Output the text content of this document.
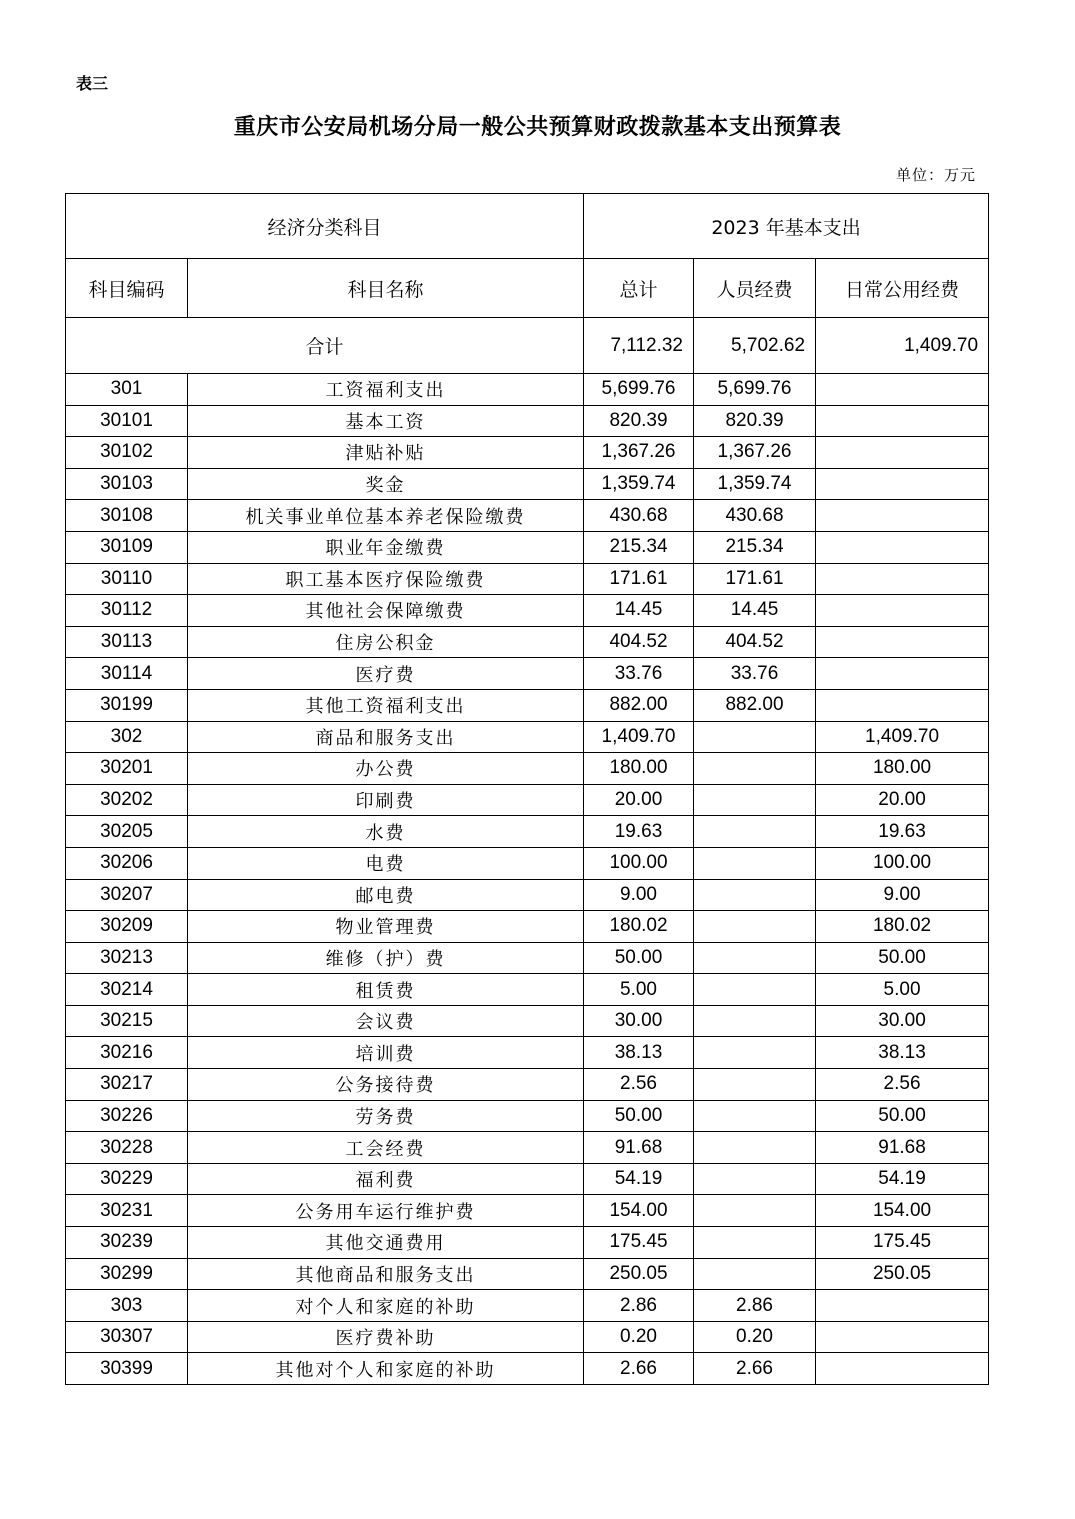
表三
重庆市公安局机场分局一般公共预算财政拨款基本支出预算表
单位：万元
经济分类科目		2023 年基本支出		
科目编码	科目名称	总计	人员经费	日常公用经费
合计		7,112.32	5,702.62	1,409.70
301	工资福利支出	5,699.76	5,699.76	
30101	基本工资	820.39	820.39	
30102	津贴补贴	1,367.26	1,367.26	
30103	奖金	1,359.74	1,359.74	
30108	机关事业单位基本养老保险缴费	430.68	430.68	
30109	职业年金缴费	215.34	215.34	
30110	职工基本医疗保险缴费	171.61	171.61	
30112	其他社会保障缴费	14.45	14.45	
30113	住房公积金	404.52	404.52	
30114	医疗费	33.76	33.76	
30199	其他工资福利支出	882.00	882.00	
302	商品和服务支出	1,409.70		1,409.70
30201	办公费	180.00		180.00
30202	印刷费	20.00		20.00
30205	水费	19.63		19.63
30206	电费	100.00		100.00
30207	邮电费	9.00		9.00
30209	物业管理费	180.02		180.02
30213	维修（护）费	50.00		50.00
30214	租赁费	5.00		5.00
30215	会议费	30.00		30.00
30216	培训费	38.13		38.13
30217	公务接待费	2.56		2.56
30226	劳务费	50.00		50.00
30228	工会经费	91.68		91.68
30229	福利费	54.19		54.19
30231	公务用车运行维护费	154.00		154.00
30239	其他交通费用	175.45		175.45
30299	其他商品和服务支出	250.05		250.05
303	对个人和家庭的补助	2.86	2.86	
30307	医疗费补助	0.20	0.20	
30399	其他对个人和家庭的补助	2.66	2.66	
